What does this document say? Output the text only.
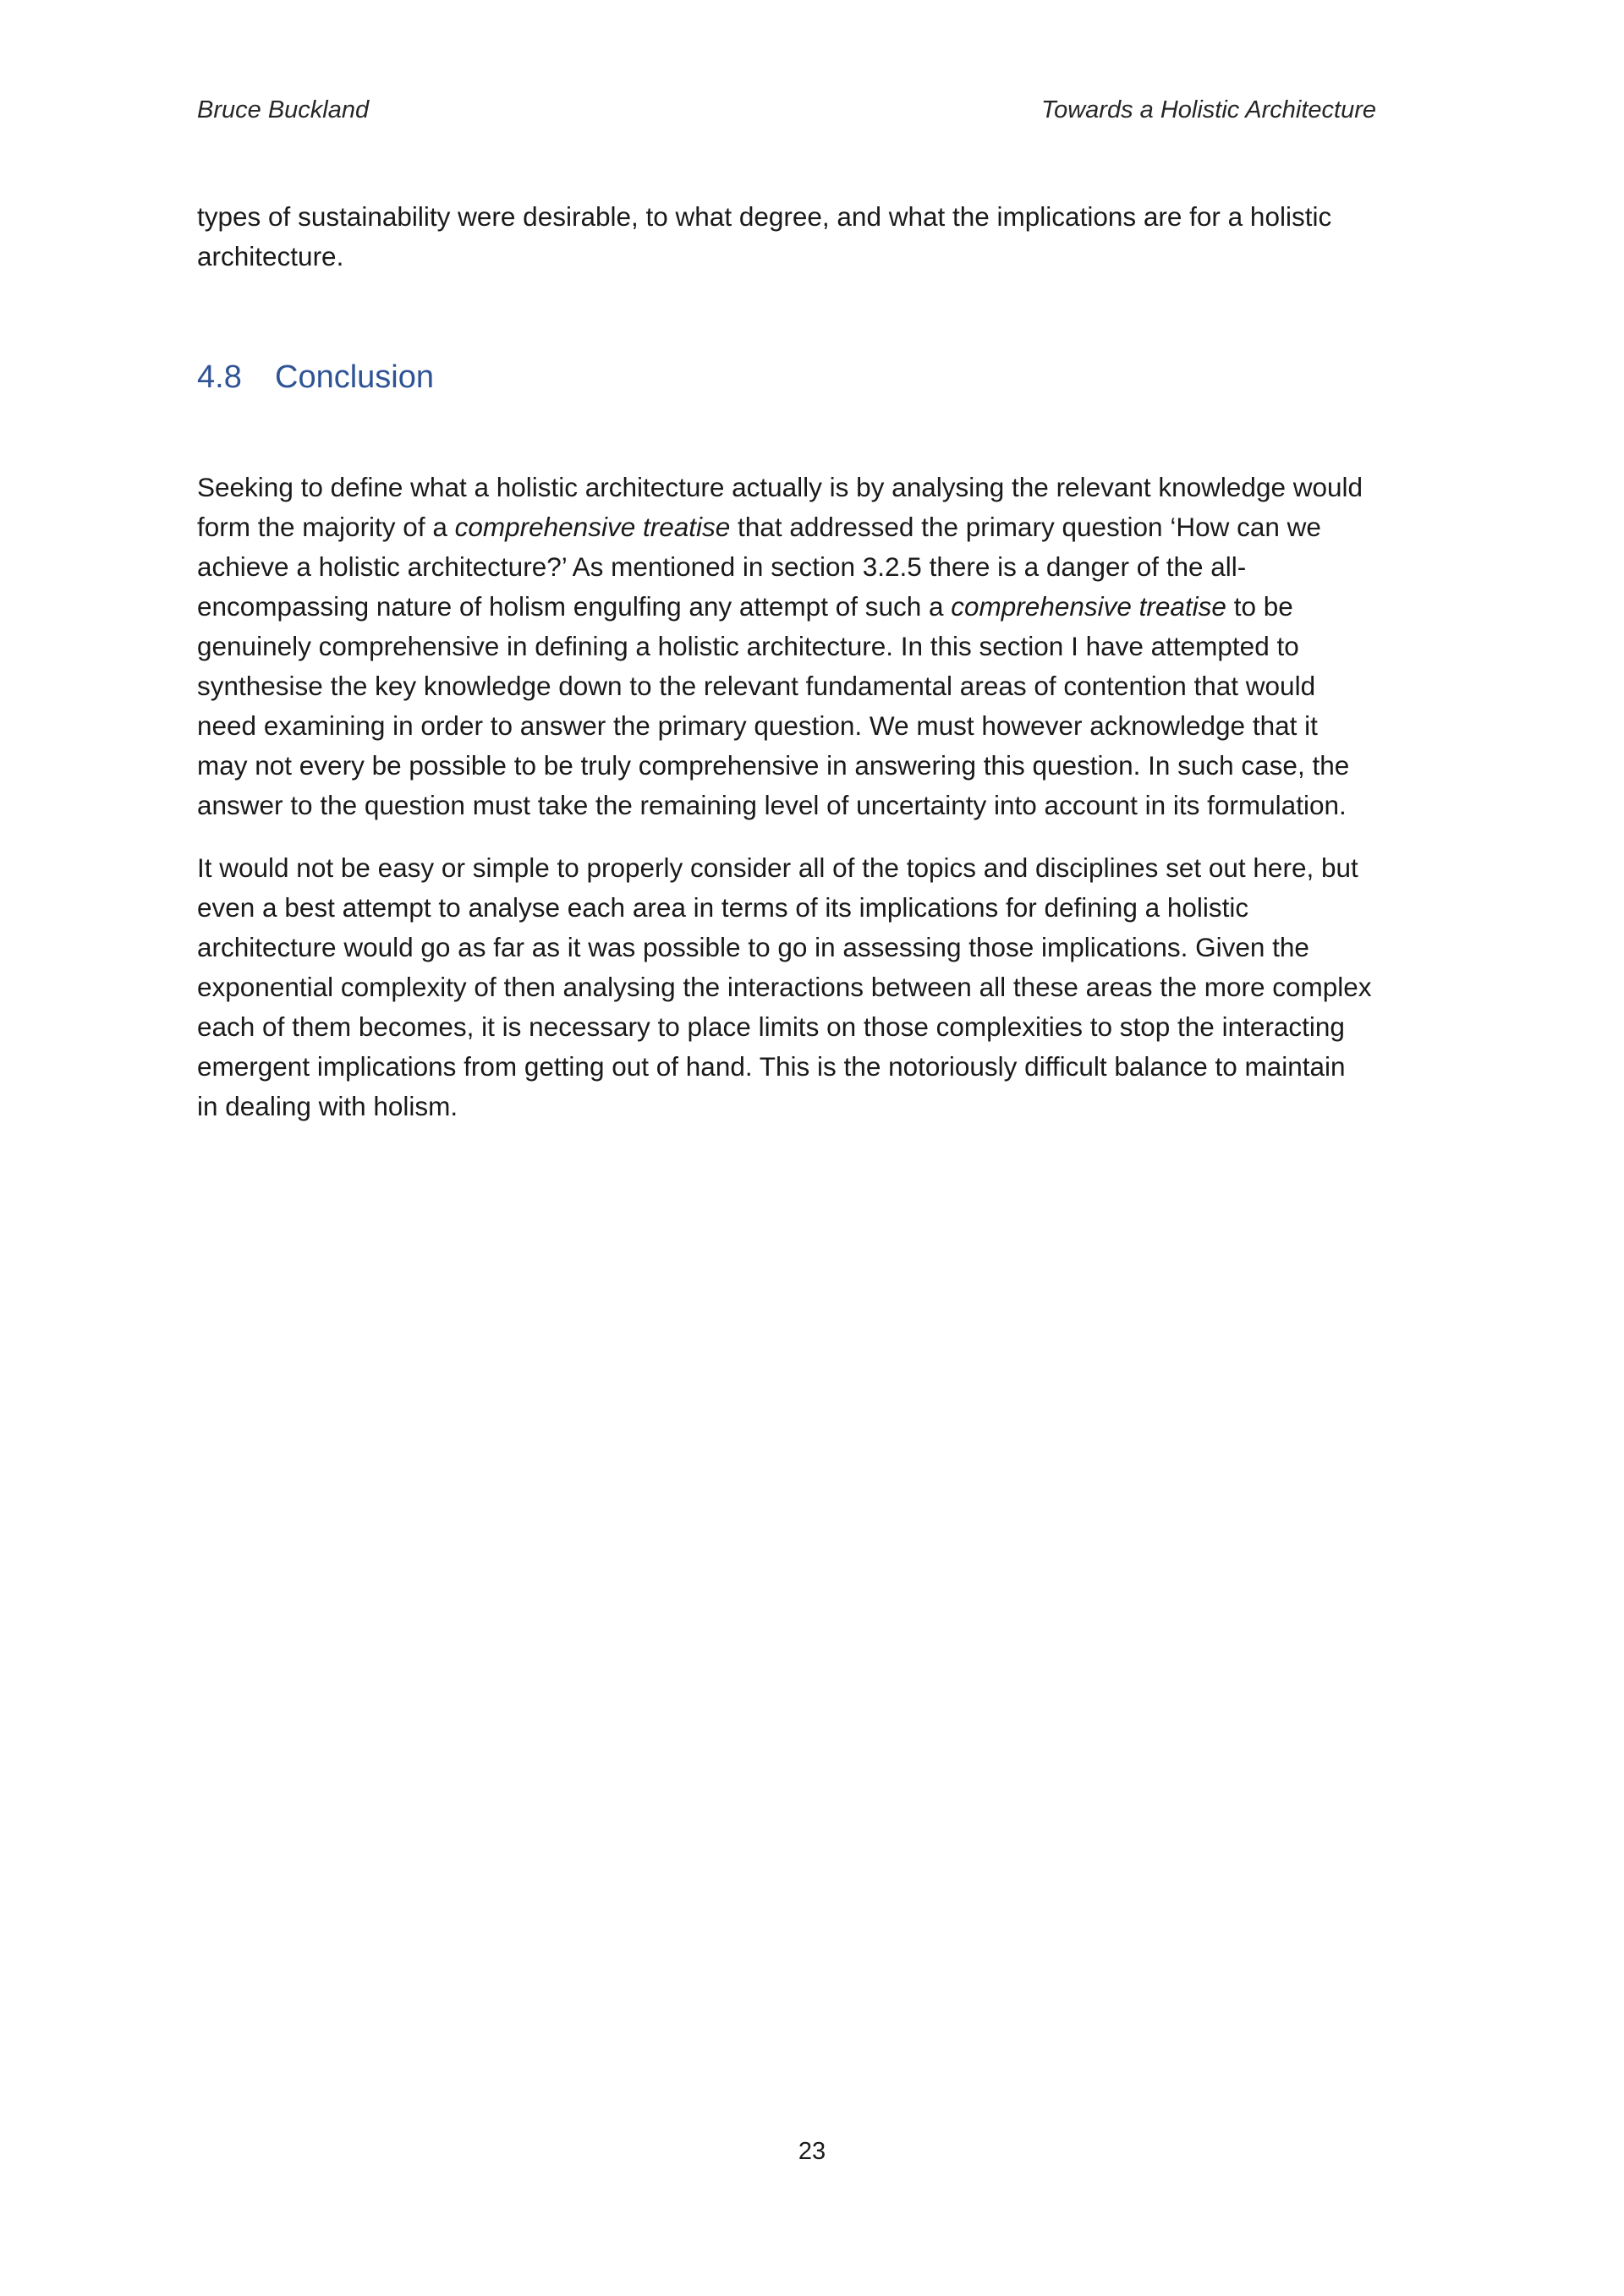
Bruce Buckland	Towards a Holistic Architecture

types of sustainability were desirable, to what degree, and what the implications are for a holistic
architecture.

4.8 Conclusion

Seeking to define what a holistic architecture actually is by analysing the relevant knowledge would
form the majority of a comprehensive treatise that addressed the primary question ‘How can we
achieve a holistic architecture?’ As mentioned in section 3.2.5 there is a danger of the all-
encompassing nature of holism engulfing any attempt of such a comprehensive treatise to be
genuinely comprehensive in defining a holistic architecture. In this section I have attempted to
synthesise the key knowledge down to the relevant fundamental areas of contention that would
need examining in order to answer the primary question. We must however acknowledge that it
may not every be possible to be truly comprehensive in answering this question. In such case, the
answer to the question must take the remaining level of uncertainty into account in its formulation.

It would not be easy or simple to properly consider all of the topics and disciplines set out here, but
even a best attempt to analyse each area in terms of its implications for defining a holistic
architecture would go as far as it was possible to go in assessing those implications. Given the
exponential complexity of then analysing the interactions between all these areas the more complex
each of them becomes, it is necessary to place limits on those complexities to stop the interacting
emergent implications from getting out of hand. This is the notoriously difficult balance to maintain
in dealing with holism.

23
